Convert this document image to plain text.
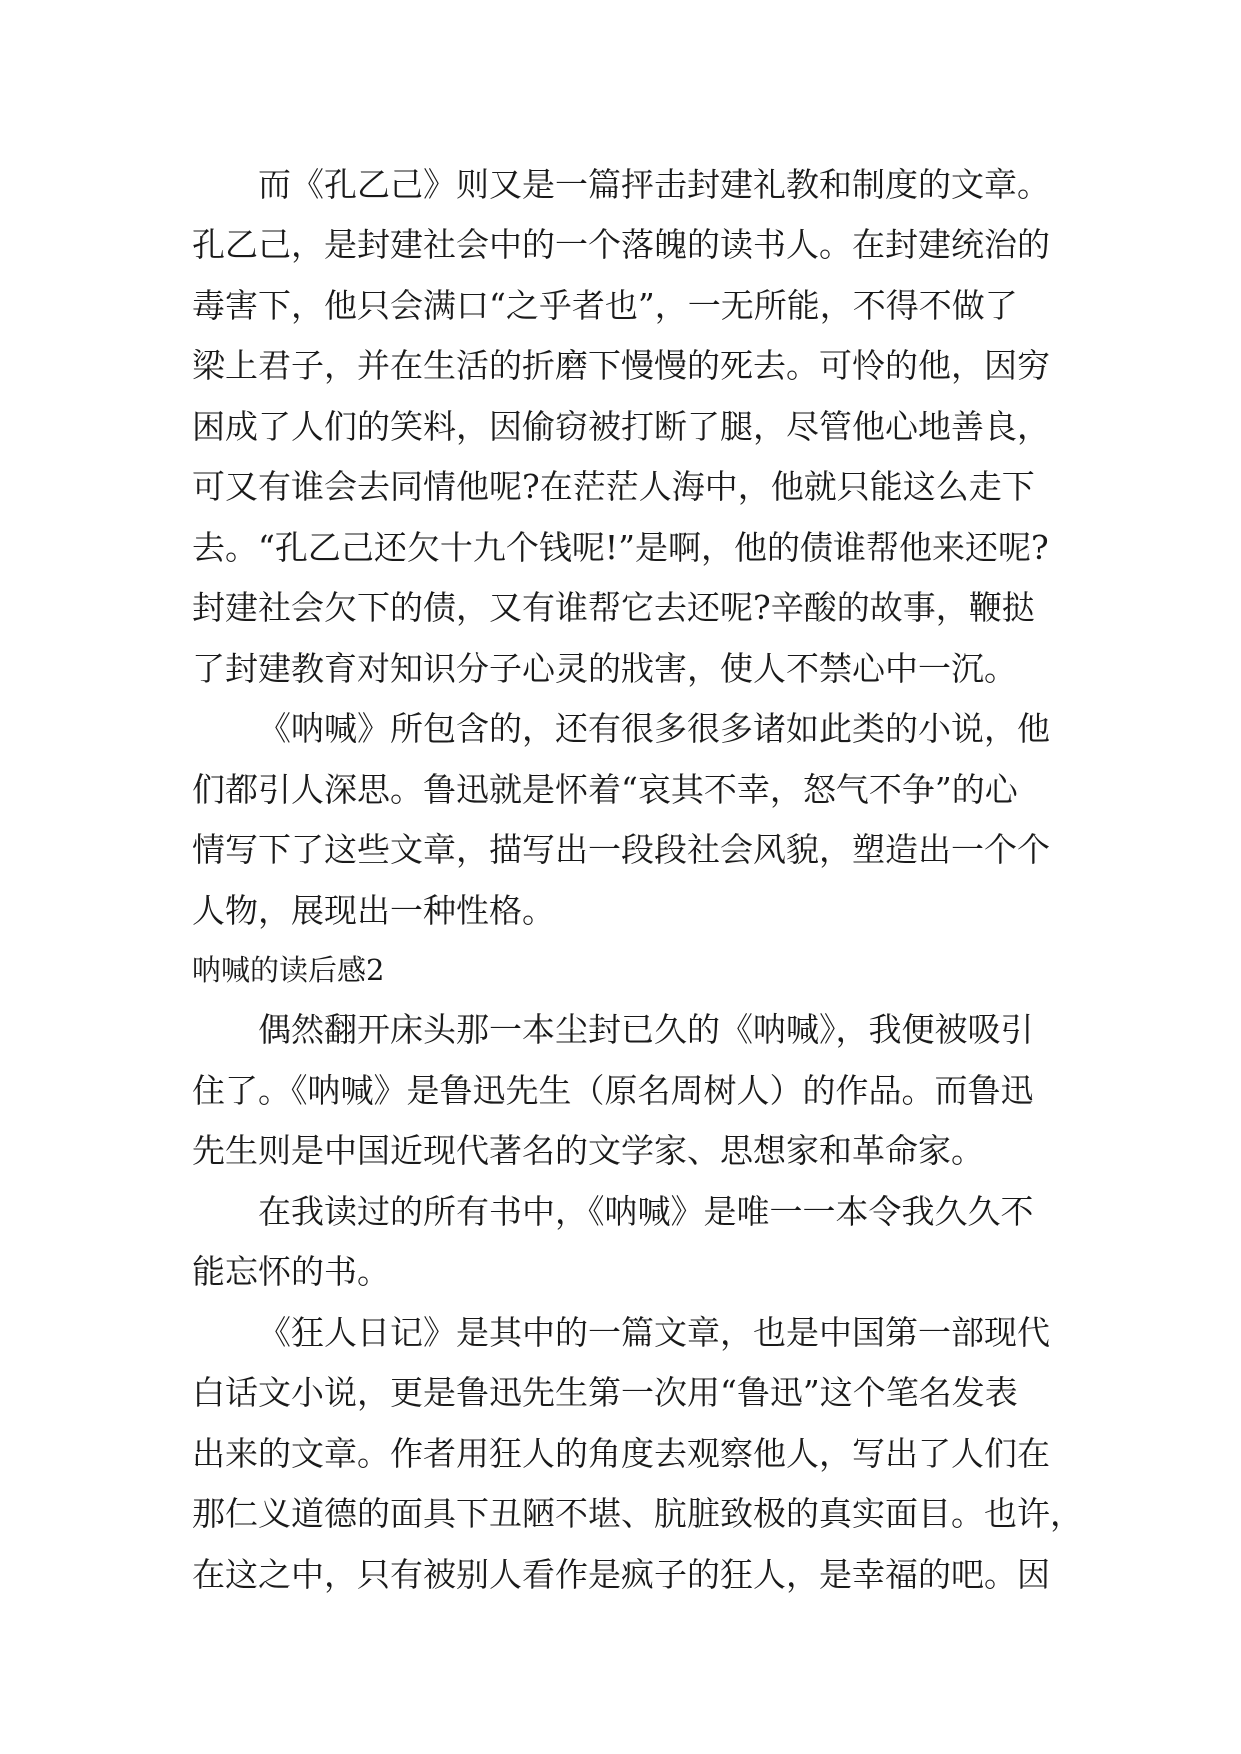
而《孔乙己》则又是一篇抨击封建礼教和制度的文章。
孔乙己，是封建社会中的一个落魄的读书人。在封建统治的
毒害下，他只会满口“之乎者也”，一无所能，不得不做了
梁上君子，并在生活的折磨下慢慢的死去。可怜的他，因穷
困成了人们的笑料，因偷窃被打断了腿，尽管他心地善良，
可又有谁会去同情他呢?在茫茫人海中，他就只能这么走下
去。“孔乙己还欠十九个钱呢!”是啊，他的债谁帮他来还呢?
封建社会欠下的债，又有谁帮它去还呢?辛酸的故事，鞭挞
了封建教育对知识分子心灵的戕害，使人不禁心中一沉。
《呐喊》所包含的，还有很多很多诸如此类的小说，他
们都引人深思。鲁迅就是怀着“哀其不幸，怒气不争”的心
情写下了这些文章，描写出一段段社会风貌，塑造出一个个
人物，展现出一种性格。
呐喊的读后感2
偶然翻开床头那一本尘封已久的《呐喊》，我便被吸引
住了。《呐喊》是鲁迅先生（原名周树人）的作品。而鲁迅
先生则是中国近现代著名的文学家、思想家和革命家。
在我读过的所有书中，《呐喊》是唯一一本令我久久不
能忘怀的书。
《狂人日记》是其中的一篇文章，也是中国第一部现代
白话文小说，更是鲁迅先生第一次用“鲁迅”这个笔名发表
出来的文章。作者用狂人的角度去观察他人，写出了人们在
那仁义道德的面具下丑陋不堪、肮脏致极的真实面目。也许，
在这之中，只有被别人看作是疯子的狂人，是幸福的吧。因
